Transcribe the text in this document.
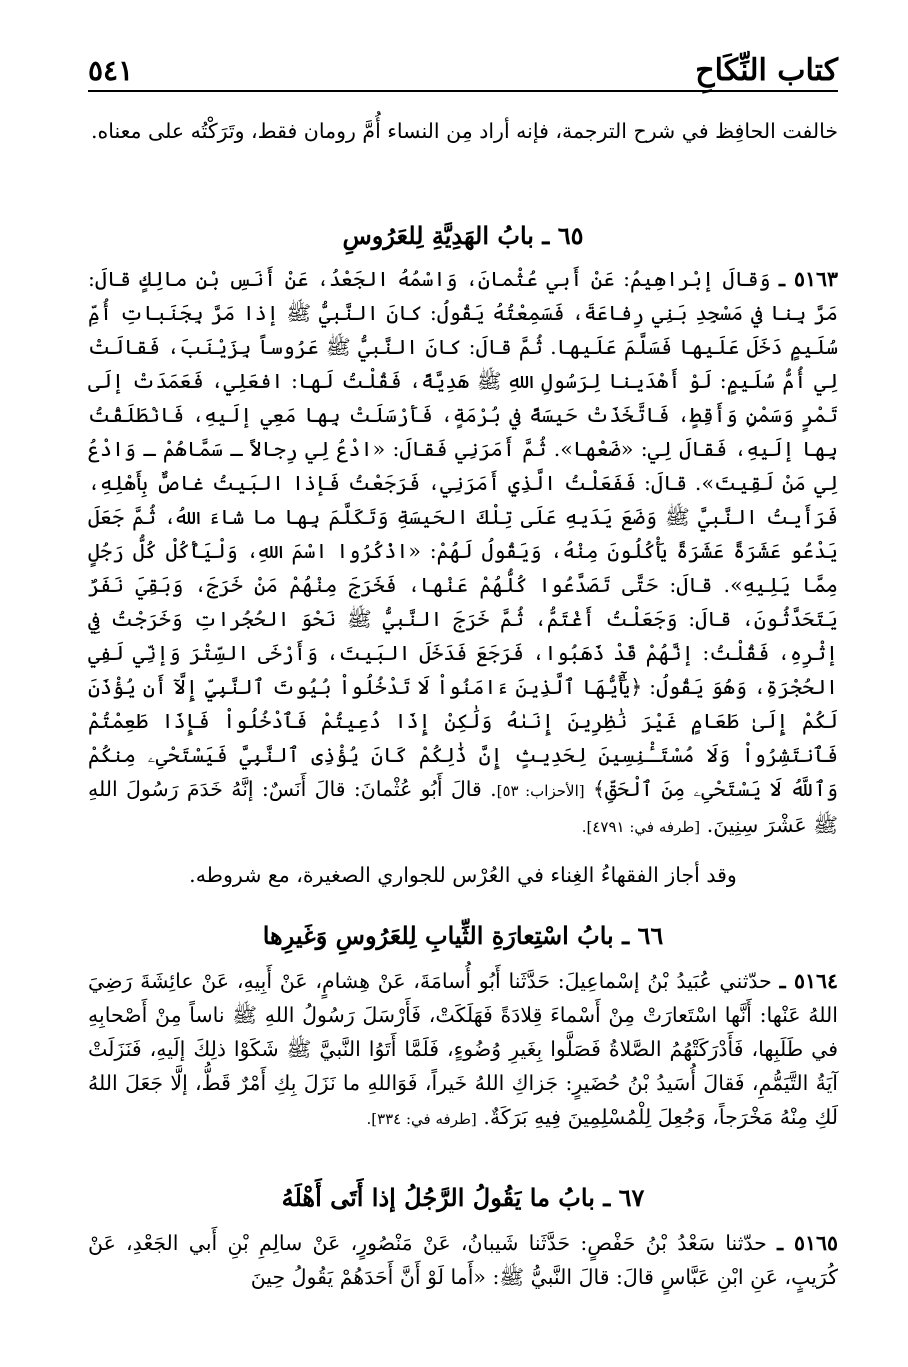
كتاب النِّكَاحِ
٥٤١
خالفت الحافِظ في شرح الترجمة، فإنه أراد مِن النساء أُمَّ رومان فقط، وتَرَكْتُه على معناه.
٦٥ ـ بابُ الهَدِيَّةِ لِلعَرُوسِ
٥١٦٣ ـ وَقالَ إبْراهِيمُ: عَنْ أَبي عُثْمانَ، وَاسْمُهُ الجَعْدُ، عَنْ أَنَسِ بْنِ مالِكٍ قالَ: مَرَّ بِنا في مَسْجِدِ بَنِي رِفاعَةَ، فَسَمِعْتُهُ يَقُولُ: كانَ النَّبيُّ ﷺ إذا مَرَّ بِجَنَباتِ أُمِّ سُلَيمٍ دَخَلَ عَلَيها فَسَلَّمَ عَلَيها. ثُمَّ قالَ: كانَ النَّبيُّ ﷺ عَرُوساً بِزَيْنَبَ، فَقالَتْ لِي أُمُّ سُلَيمٍ: لَوْ أَهْدَينا لِرَسُولِ اللهِ ﷺ هَدِيَّةً، فَقُلْتُ لَها: افعَلِي، فَعَمَدَتْ إلَى تَمْرٍ وَسَمْنٍ وَأَقِطٍ، فَاتَّخَذَتْ حَيسَةً في بُرْمَةٍ، فَأَرْسَلَتْ بِها مَعِي إلَيهِ، فَانْطَلَقْتُ بِها إلَيهِ، فَقالَ لِي: «ضَعْها». ثُمَّ أَمَرَنِي فَقالَ: «ادْعُ لِي رِجالاً ـ سَمَّاهُمْ ـ وَادْعُ لِي مَنْ لَقِيتَ». قالَ: فَفَعَلْتُ الَّذِي أَمَرَنِي، فَرَجَعْتُ فَإذا البَيتُ غاصٌّ بِأَهْلِهِ، فَرَأَيتُ النَّبيَّ ﷺ وَضَعَ يَدَيهِ عَلَى تِلْكَ الحَيسَةِ وَتَكَلَّمَ بِها ما شاءَ اللهُ، ثُمَّ جَعَلَ يَدْعُو عَشَرَةً عَشَرَةً يَأْكُلُونَ مِنْهُ، وَيَقُولُ لَهُمْ: «اذْكُرُوا اسْمَ اللهِ، وَلْيَأْكُلْ كُلُّ رَجُلٍ مِمَّا يَلِيهِ». قالَ: حَتَّى تَصَدَّعُوا كُلُّهُمْ عَنْها، فَخَرَجَ مِنْهُمْ مَنْ خَرَجَ، وَبَقِيَ نَفَرٌ يَتَحَدَّثُونَ، قالَ: وَجَعَلْتُ أَغْتَمُّ، ثُمَّ خَرَجَ النَّبيُّ ﷺ نَحْوَ الحُجُراتِ وَخَرَجْتُ فِي إثْرِهِ، فَقُلْتُ: إنَّهُمْ قَدْ ذَهَبُوا، فَرَجَعَ فَدَخَلَ البَيتَ، وَأَرْخَى السِّتْرَ وَإنِّي لَفِي الحُجْرَةِ، وَهُوَ يَقُولُ: ﴿يَٰٓأَيُّهَا ٱلَّذِينَ ءَامَنُواْ لَا تَدْخُلُواْ بُيُوتَ ٱلنَّبِيِّ إِلَّآ أَن يُؤْذَنَ لَكُمْ إِلَىٰ طَعَامٍ غَيْرَ نَٰظِرِينَ إِنَىٰهُ وَلَٰكِنْ إِذَا دُعِيتُمْ فَٱدْخُلُواْ فَإِذَا طَعِمْتُمْ فَٱنتَشِرُواْ وَلَا مُسْتَـْٔنِسِينَ لِحَدِيثٍ إِنَّ ذَٰلِكُمْ كَانَ يُؤْذِى ٱلنَّبِيَّ فَيَسْتَحْىِۦ مِنكُمْ وَٱللَّهُ لَا يَسْتَحْىِۦ مِنَ ٱلْحَقِّ﴾ [الأحزاب: ٥٣]. قالَ أَبُو عُثْمانَ: قالَ أَنَسٌ: إنَّهُ خَدَمَ رَسُولَ اللهِ ﷺ عَشْرَ سِنِينَ. [طرفه في: ٤٧٩١].
وقد أجاز الفقهاءُ الغِناء في العُرْس للجواري الصغيرة، مع شروطه.
٦٦ ـ بابُ اسْتِعارَةِ الثِّيابِ لِلعَرُوسِ وَغَيرِها
٥١٦٤ ـ حدّثني عُبَيدُ بْنُ إسْماعِيلَ: حَدَّثَنا أَبُو أُسامَةَ، عَنْ هِشامٍ، عَنْ أَبِيهِ، عَنْ عائِشَةَ رَضِيَ اللهُ عَنْها: أَنَّها اسْتَعارَتْ مِنْ أَسْماءَ قِلادَةً فَهَلَكَتْ، فَأَرْسَلَ رَسُولُ اللهِ ﷺ ناساً مِنْ أَصْحابِهِ في طَلَبِها، فَأَدْرَكَتْهُمُ الصَّلاةُ فَصَلَّوا بِغَيرِ وُضُوءٍ، فَلَمَّا أَتَوُا النَّبيَّ ﷺ شَكَوْا ذلِكَ إلَيهِ، فَنَزَلَتْ آيَةُ التَّيَمُّمِ، فَقالَ أُسَيدُ بْنُ حُضَيرٍ: جَزاكِ اللهُ خَيراً، فَوَاللهِ ما نَزَلَ بِكِ أَمْرٌ قَطُّ، إلَّا جَعَلَ اللهُ لَكِ مِنْهُ مَخْرَجاً، وَجُعِلَ لِلْمُسْلِمِينَ فِيهِ بَرَكَةٌ. [طرفه في: ٣٣٤].
٦٧ ـ بابُ ما يَقُولُ الرَّجُلُ إذا أَتَى أَهْلَهُ
٥١٦٥ ـ حدّثنا سَعْدُ بْنُ حَفْصٍ: حَدَّثَنا شَيبانُ، عَنْ مَنْصُورٍ، عَنْ سالِمِ بْنِ أَبي الجَعْدِ، عَنْ كُرَيبٍ، عَنِ ابْنِ عَبَّاسٍ قالَ: قالَ النَّبيُّ ﷺ: «أَما لَوْ أَنَّ أَحَدَهُمْ يَقُولُ حِينَ
